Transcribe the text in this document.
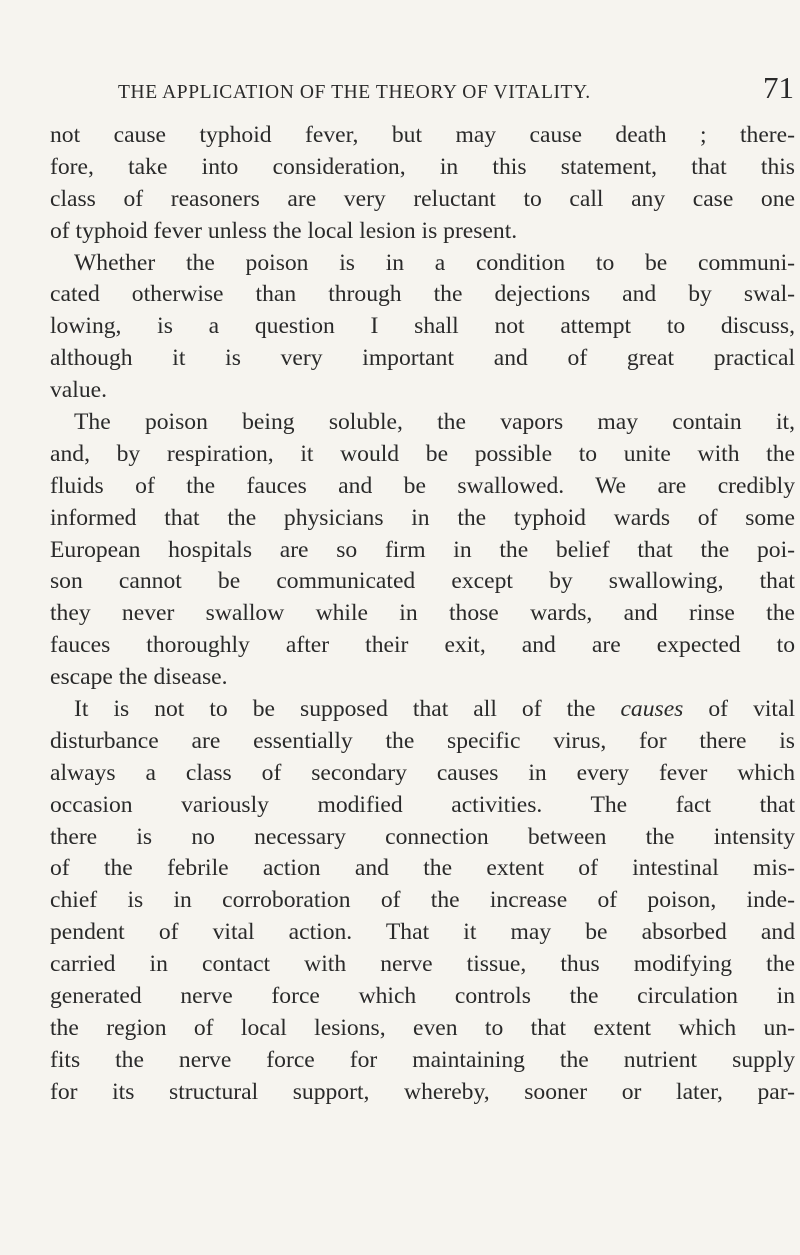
THE APPLICATION OF THE THEORY OF VITALITY.	71
not cause typhoid fever, but may cause death ; there-
fore, take into consideration, in this statement, that this
class of reasoners are very reluctant to call any case one
of typhoid fever unless the local lesion is present.
Whether the poison is in a condition to be communi-
cated otherwise than through the dejections and by swal-
lowing, is a question I shall not attempt to discuss,
although it is very important and of great practical
value.
The poison being soluble, the vapors may contain it,
and, by respiration, it would be possible to unite with the
fluids of the fauces and be swallowed. We are credibly
informed that the physicians in the typhoid wards of some
European hospitals are so firm in the belief that the poi-
son cannot be communicated except by swallowing, that
they never swallow while in those wards, and rinse the
fauces thoroughly after their exit, and are expected to
escape the disease.
It is not to be supposed that all of the causes of vital
disturbance are essentially the specific virus, for there is
always a class of secondary causes in every fever which
occasion variously modified activities. The fact that
there is no necessary connection between the intensity
of the febrile action and the extent of intestinal mis-
chief is in corroboration of the increase of poison, inde-
pendent of vital action. That it may be absorbed and
carried in contact with nerve tissue, thus modifying the
generated nerve force which controls the circulation in
the region of local lesions, even to that extent which un-
fits the nerve force for maintaining the nutrient supply
for its structural support, whereby, sooner or later, par-
